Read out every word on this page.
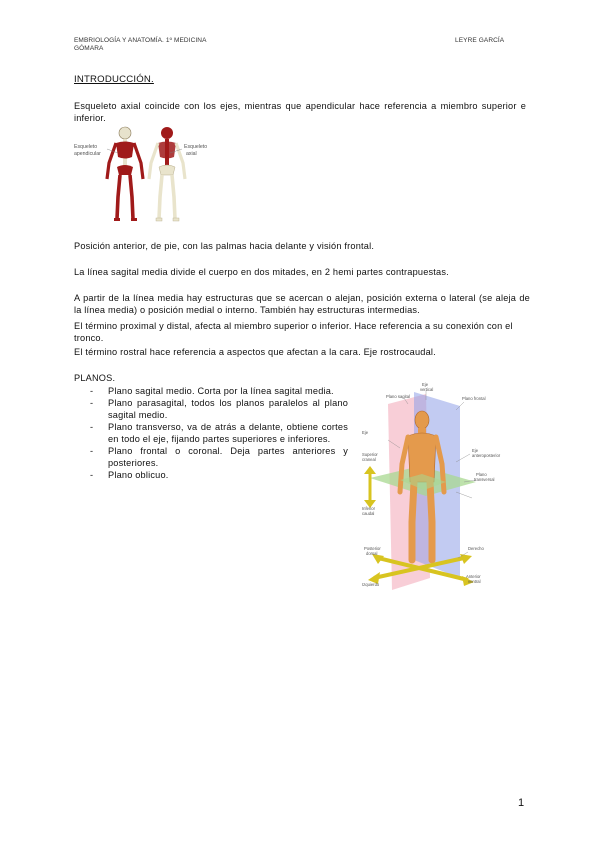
EMBRIOLOGÍA Y ANATOMÍA. 1º MEDICINA
GÓMARA
LEYRE GARCÍA
INTRODUCCIÓN.
Esqueleto axial coincide con los ejes, mientras que apendicular hace referencia a miembro superior e inferior.
Esqueleto
apendicular
Esqueleto
axial
Posición anterior, de pie, con las palmas hacia delante y visión frontal.
La línea sagital media divide el cuerpo en dos mitades, en 2 hemi partes contrapuestas.
A partir de la línea media hay estructuras que se acercan o alejan, posición externa o lateral (se aleja de la línea media) o posición medial o interno. También hay estructuras intermedias.
El término proximal y distal, afecta al miembro superior o inferior. Hace referencia a su conexión con el tronco.
El término rostral hace referencia a aspectos que afectan a la cara. Eje rostrocaudal.
PLANOS.
- Plano sagital medio. Corta por la línea sagital media.
- Plano parasagital, todos los planos paralelos al plano sagital medio.
- Plano transverso, va de atrás a delante, obtiene cortes en todo el eje, fijando partes superiores e inferiores.
- Plano frontal o coronal. Deja partes anteriores y posteriores.
- Plano oblicuo.
Eje
vertical
Plano sagital	Plano frontal
Eje
Superior
craneal
Eje
anteroposterior
Plano
transversal
Inferior
caudal
Posterior
dorsal
Anterior
ventral
Izquierdo
Derecho
1
